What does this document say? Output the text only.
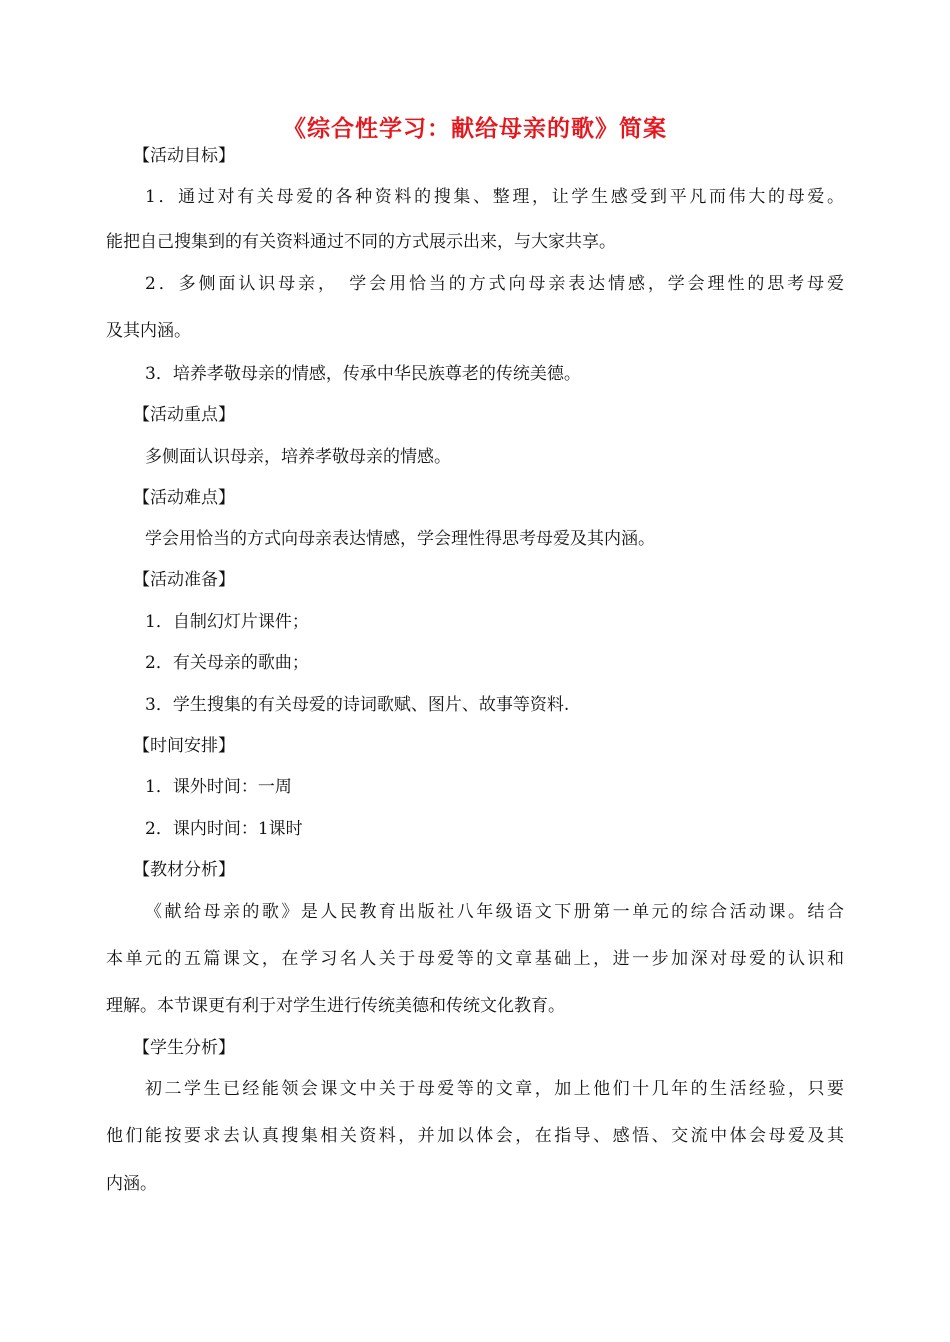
《综合性学习：献给母亲的歌》简案

【活动目标】

1．通过对有关母爱的各种资料的搜集、整理，让学生感受到平凡而伟大的母爱。

能把自己搜集到的有关资料通过不同的方式展示出来，与大家共享。

2．多侧面认识母亲，　学会用恰当的方式向母亲表达情感，学会理性的思考母爱

及其内涵。

3．培养孝敬母亲的情感，传承中华民族尊老的传统美德。

【活动重点】

多侧面认识母亲，培养孝敬母亲的情感。

【活动难点】

学会用恰当的方式向母亲表达情感，学会理性得思考母爱及其内涵。

【活动准备】

1．自制幻灯片课件；

2．有关母亲的歌曲；

3．学生搜集的有关母爱的诗词歌赋、图片、故事等资料.

【时间安排】

1．课外时间：一周

2．课内时间：1课时

【教材分析】

《献给母亲的歌》是人民教育出版社八年级语文下册第一单元的综合活动课。结合

本单元的五篇课文，在学习名人关于母爱等的文章基础上，进一步加深对母爱的认识和

理解。本节课更有利于对学生进行传统美德和传统文化教育。

【学生分析】

初二学生已经能领会课文中关于母爱等的文章，加上他们十几年的生活经验，只要

他们能按要求去认真搜集相关资料，并加以体会，在指导、感悟、交流中体会母爱及其

内涵。
